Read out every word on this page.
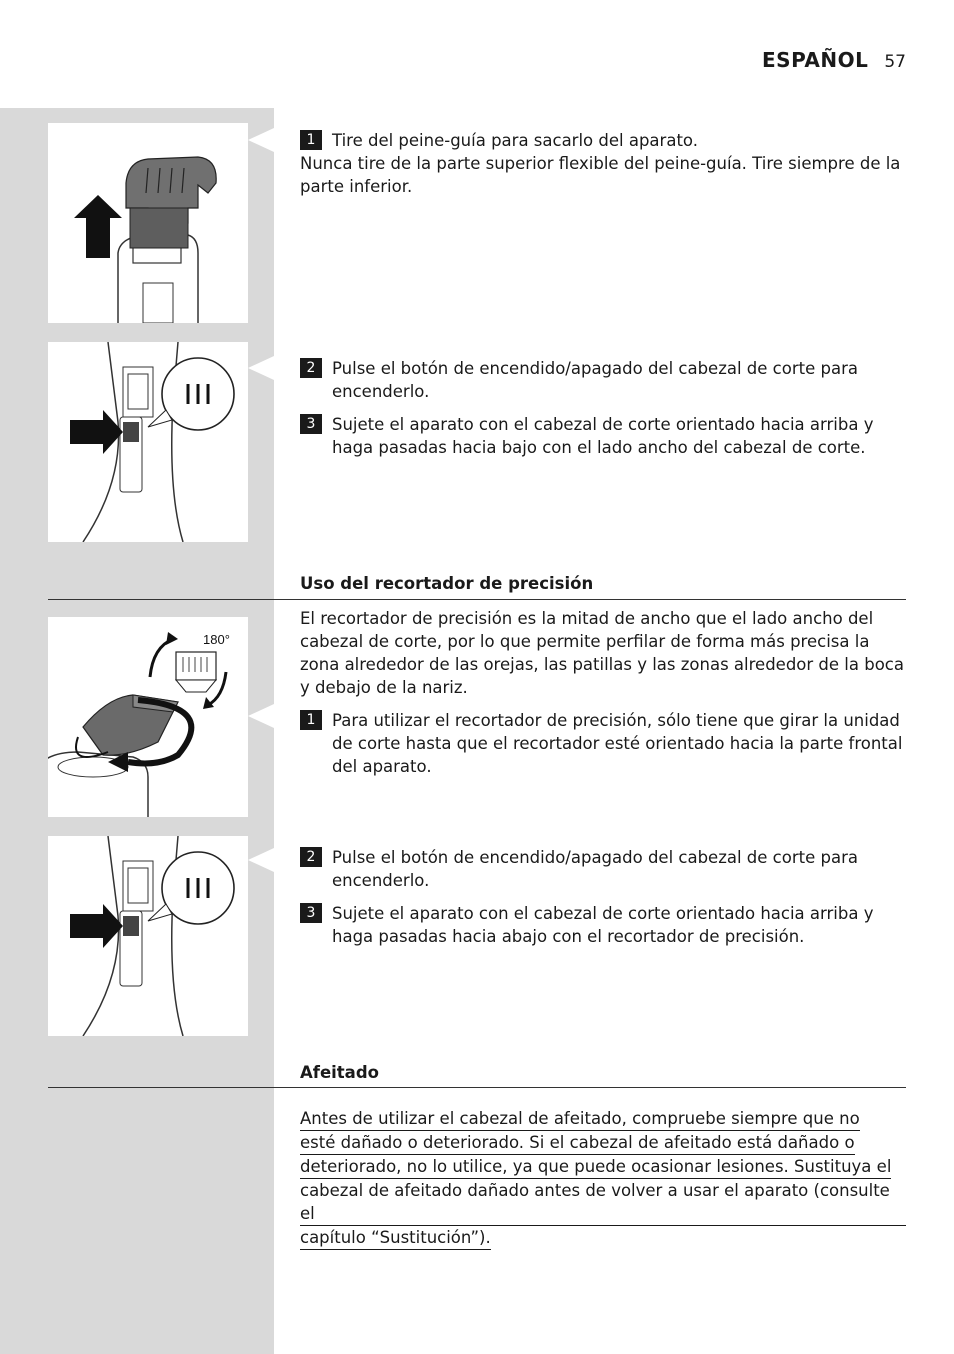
ESPAÑOL 57
1	Tire del peine-guía para sacarlo del aparato.

Nunca tire de la parte superior flexible del peine-guía. Tire siempre de la parte inferior.

2	Pulse el botón de encendido/apagado del cabezal de corte para encenderlo.
3	Sujete el aparato con el cabezal de corte orientado hacia arriba y haga pasadas hacia bajo con el lado ancho del cabezal de corte.
Uso del recortador de precisión
180°

El recortador de precisión es la mitad de ancho que el lado ancho del cabezal de corte, por lo que permite perfilar de forma más precisa la zona alrededor de las orejas, las patillas y las zonas alrededor de la boca y debajo de la nariz.

1	Para utilizar el recortador de precisión, sólo tiene que girar la unidad de corte hasta que el recortador esté orientado hacia la parte frontal del aparato.
2	Pulse el botón de encendido/apagado del cabezal de corte para encenderlo.
3	Sujete el aparato con el cabezal de corte orientado hacia arriba y haga pasadas hacia abajo con el recortador de precisión.
Afeitado
Antes de utilizar el cabezal de afeitado, compruebe siempre que no
esté dañado o deteriorado. Si el cabezal de afeitado está dañado o
deteriorado, no lo utilice, ya que puede ocasionar lesiones. Sustituya el
cabezal de afeitado dañado antes de volver a usar el aparato (consulte el
capítulo “Sustitución”).
